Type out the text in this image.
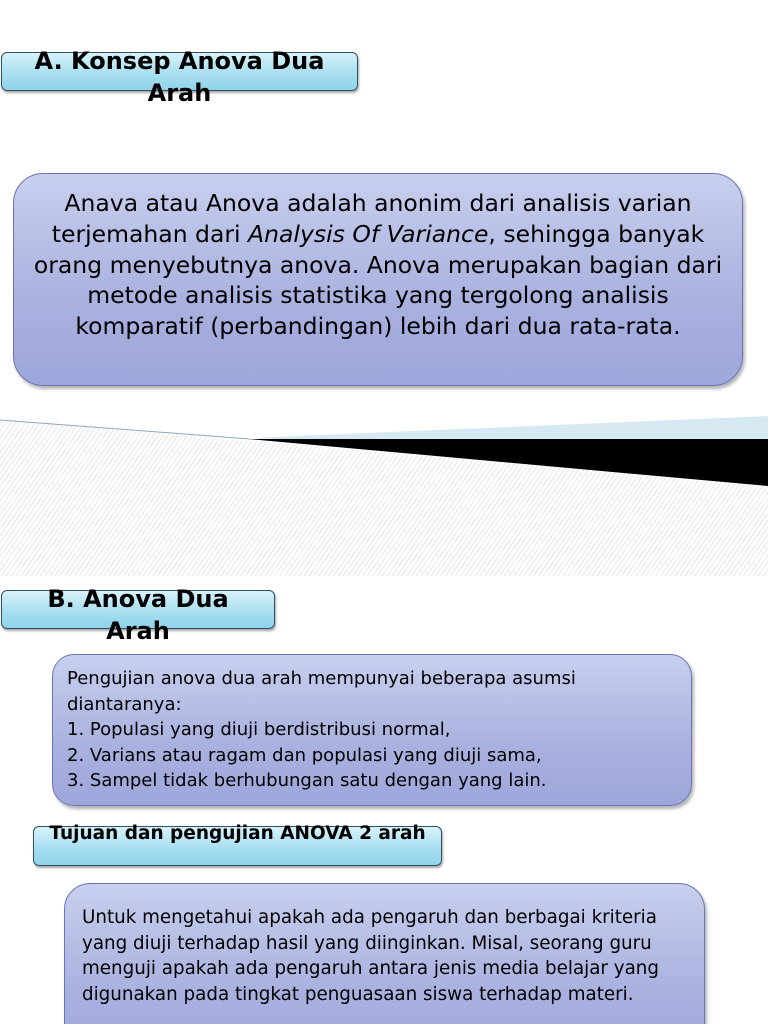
A. Konsep Anova Dua Arah
Anava atau Anova adalah anonim dari analisis varian terjemahan dari Analysis Of Variance, sehingga banyak orang menyebutnya anova. Anova merupakan bagian dari metode analisis statistika yang tergolong analisis komparatif (perbandingan) lebih dari dua rata-rata.
B. Anova Dua Arah
Pengujian anova dua arah mempunyai beberapa asumsi diantaranya:
1. Populasi yang diuji berdistribusi normal,
2. Varians atau ragam dan populasi yang diuji sama,
3. Sampel tidak berhubungan satu dengan yang lain.
Tujuan dan pengujian ANOVA 2 arah
Untuk mengetahui apakah ada pengaruh dan berbagai kriteria yang diuji terhadap hasil yang diinginkan. Misal, seorang guru menguji apakah ada pengaruh antara jenis media belajar yang digunakan pada tingkat penguasaan siswa terhadap materi.
